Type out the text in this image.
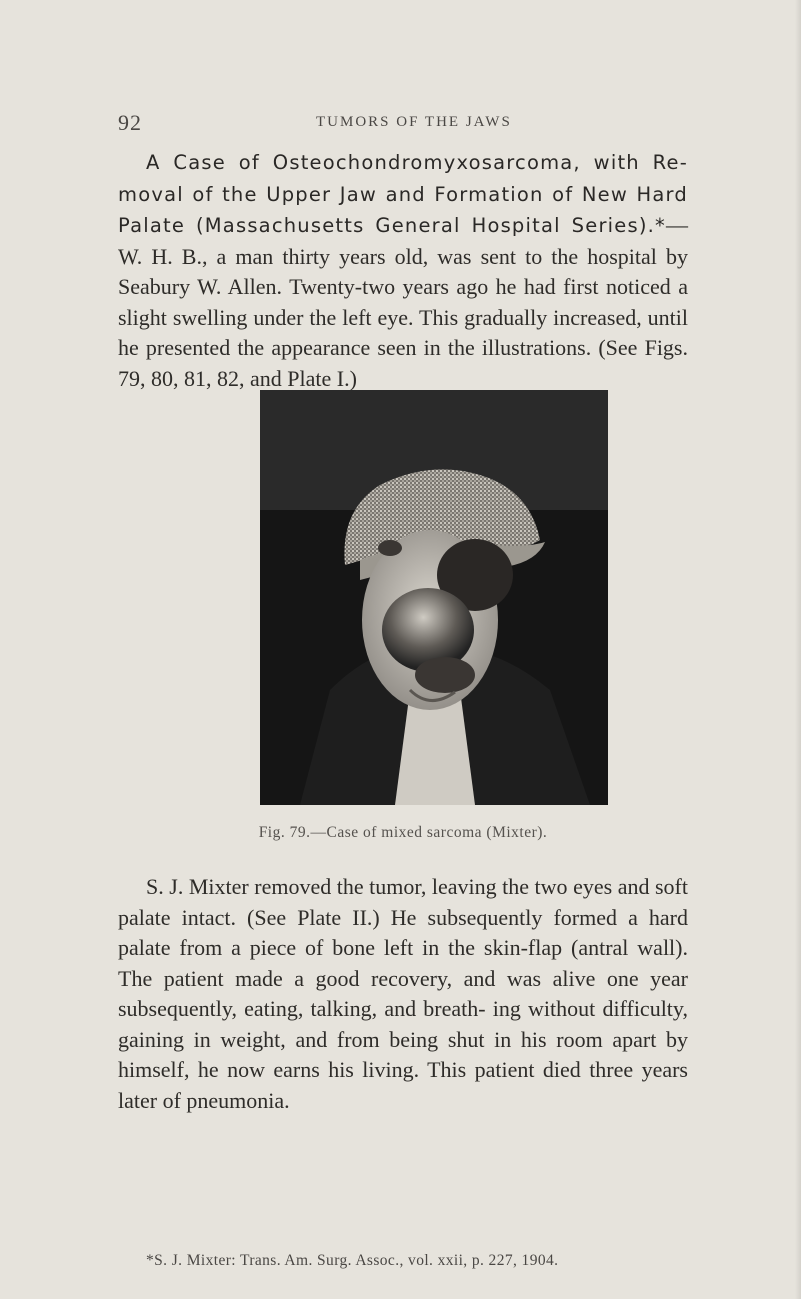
92	TUMORS OF THE JAWS

A Case of Osteochondromyxosarcoma, with Re- moval of the Upper Jaw and Formation of New Hard Palate (Massachusetts General Hospital Series).*— W. H. B., a man thirty years old, was sent to the hospital by Seabury W. Allen. Twenty-two years ago he had first noticed a slight swelling under the left eye. This gradually increased, until he presented the appearance seen in the illustrations. (See Figs. 79, 80, 81, 82, and Plate I.)

Fig. 79.—Case of mixed sarcoma (Mixter).

S. J. Mixter removed the tumor, leaving the two eyes and soft palate intact. (See Plate II.) He subsequently formed a hard palate from a piece of bone left in the skin-flap (antral wall). The patient made a good recovery, and was alive one year subsequently, eating, talking, and breath- ing without difficulty, gaining in weight, and from being shut in his room apart by himself, he now earns his living. This patient died three years later of pneumonia.

*S. J. Mixter: Trans. Am. Surg. Assoc., vol. xxii, p. 227, 1904.
